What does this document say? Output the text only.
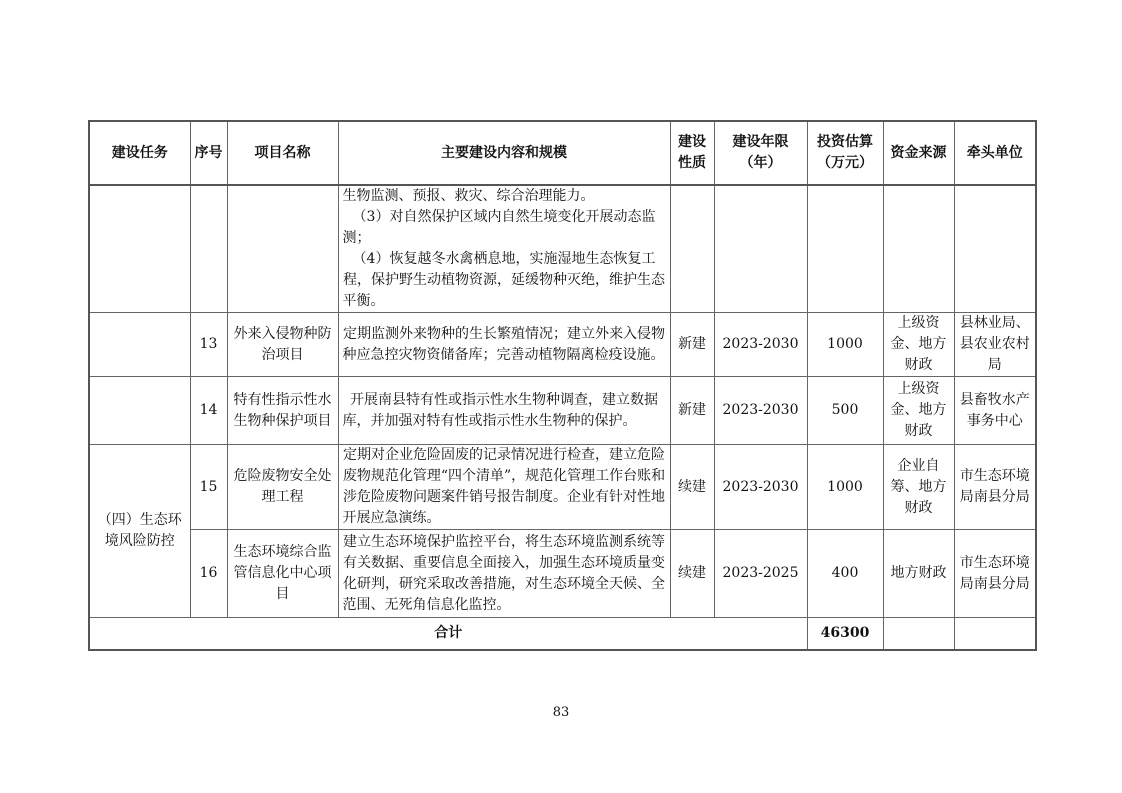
建设任务	序号	项目名称	主要建设内容和规模	建设性质	建设年限（年）	投资估算（万元）	资金来源	牵头单位

			生物监测、预报、救灾、综合治理能力。
（3）对自然保护区域内自然生境变化开展动态监测；
（4）恢复越冬水禽栖息地，实施湿地生态恢复工程，保护野生动植物资源，延缓物种灭绝，维护生态平衡。					

	13	外来入侵物种防治项目	定期监测外来物种的生长繁殖情况；建立外来入侵物种应急控灾物资储备库；完善动植物隔离检疫设施。	新建	2023-2030	1000	上级资金、地方财政	县林业局、县农业农村局
	14	特有性指示性水生物种保护项目	开展南县特有性或指示性水生物种调查，建立数据库，并加强对特有性或指示性水生物种的保护。	新建	2023-2030	500	上级资金、地方财政	县畜牧水产事务中心
（四）生态环境风险防控	15	危险废物安全处理工程	定期对企业危险固废的记录情况进行检查，建立危险废物规范化管理“四个清单”，规范化管理工作台账和涉危险废物问题案件销号报告制度。企业有针对性地开展应急演练。	续建	2023-2030	1000	企业自筹、地方财政	市生态环境局南县分局
	16	生态环境综合监管信息化中心项目	建立生态环境保护监控平台，将生态环境监测系统等有关数据、重要信息全面接入，加强生态环境质量变化研判，研究采取改善措施，对生态环境全天候、全范围、无死角信息化监控。	续建	2023-2025	400	地方财政	市生态环境局南县分局
合计						46300		
83
